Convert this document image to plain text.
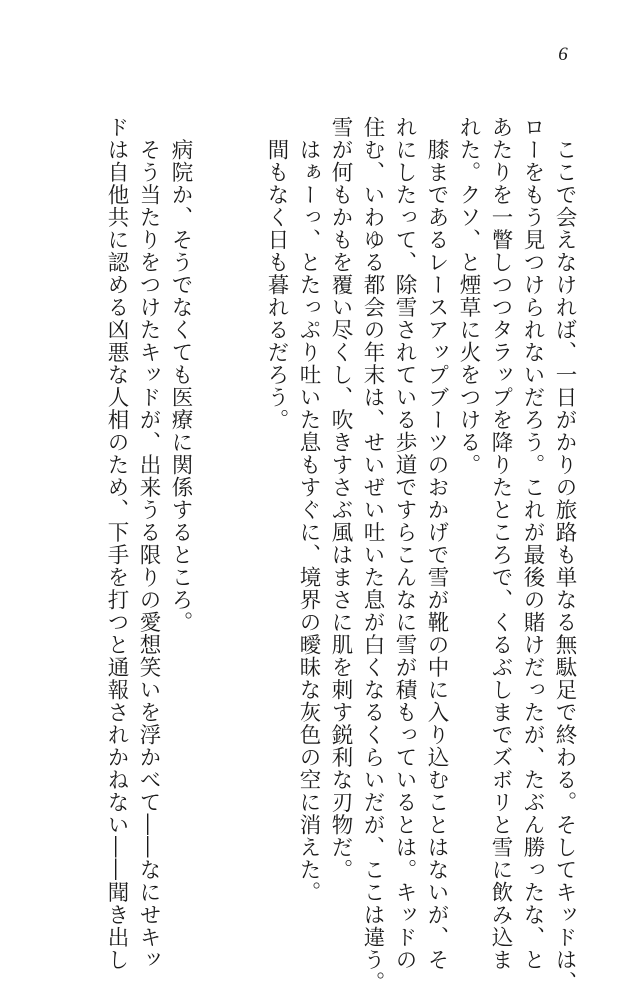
6
　ここで会えなければ、一日がかりの旅路も単なる無駄足で終わる。そしてキッドは、
ローをもう見つけられないだろう。これが最後の賭けだったが、たぶん勝ったな、と
あたりを一瞥しつつタラップを降りたところで、くるぶしまでズボリと雪に飲み込ま
れた。クソ、と煙草に火をつける。
　膝まであるレースアップブーツのおかげで雪が靴の中に入り込むことはないが、そ
れにしたって、除雪されている歩道ですらこんなに雪が積もっているとは。キッドの
住む、いわゆる都会の年末は、せいぜい吐いた息が白くなるくらいだが、ここは違う。
雪が何もかもを覆い尽くし、吹きすさぶ風はまさに肌を刺す鋭利な刃物だ。
　はぁーっ、とたっぷり吐いた息もすぐに、境界の曖昧な灰色の空に消えた。
　間もなく日も暮れるだろう。
　病院か、そうでなくても医療に関係するところ。
　そう当たりをつけたキッドが、出来うる限りの愛想笑いを浮かべて――なにせキッ
ドは自他共に認める凶悪な人相のため、下手を打つと通報されかねない――聞き出し
